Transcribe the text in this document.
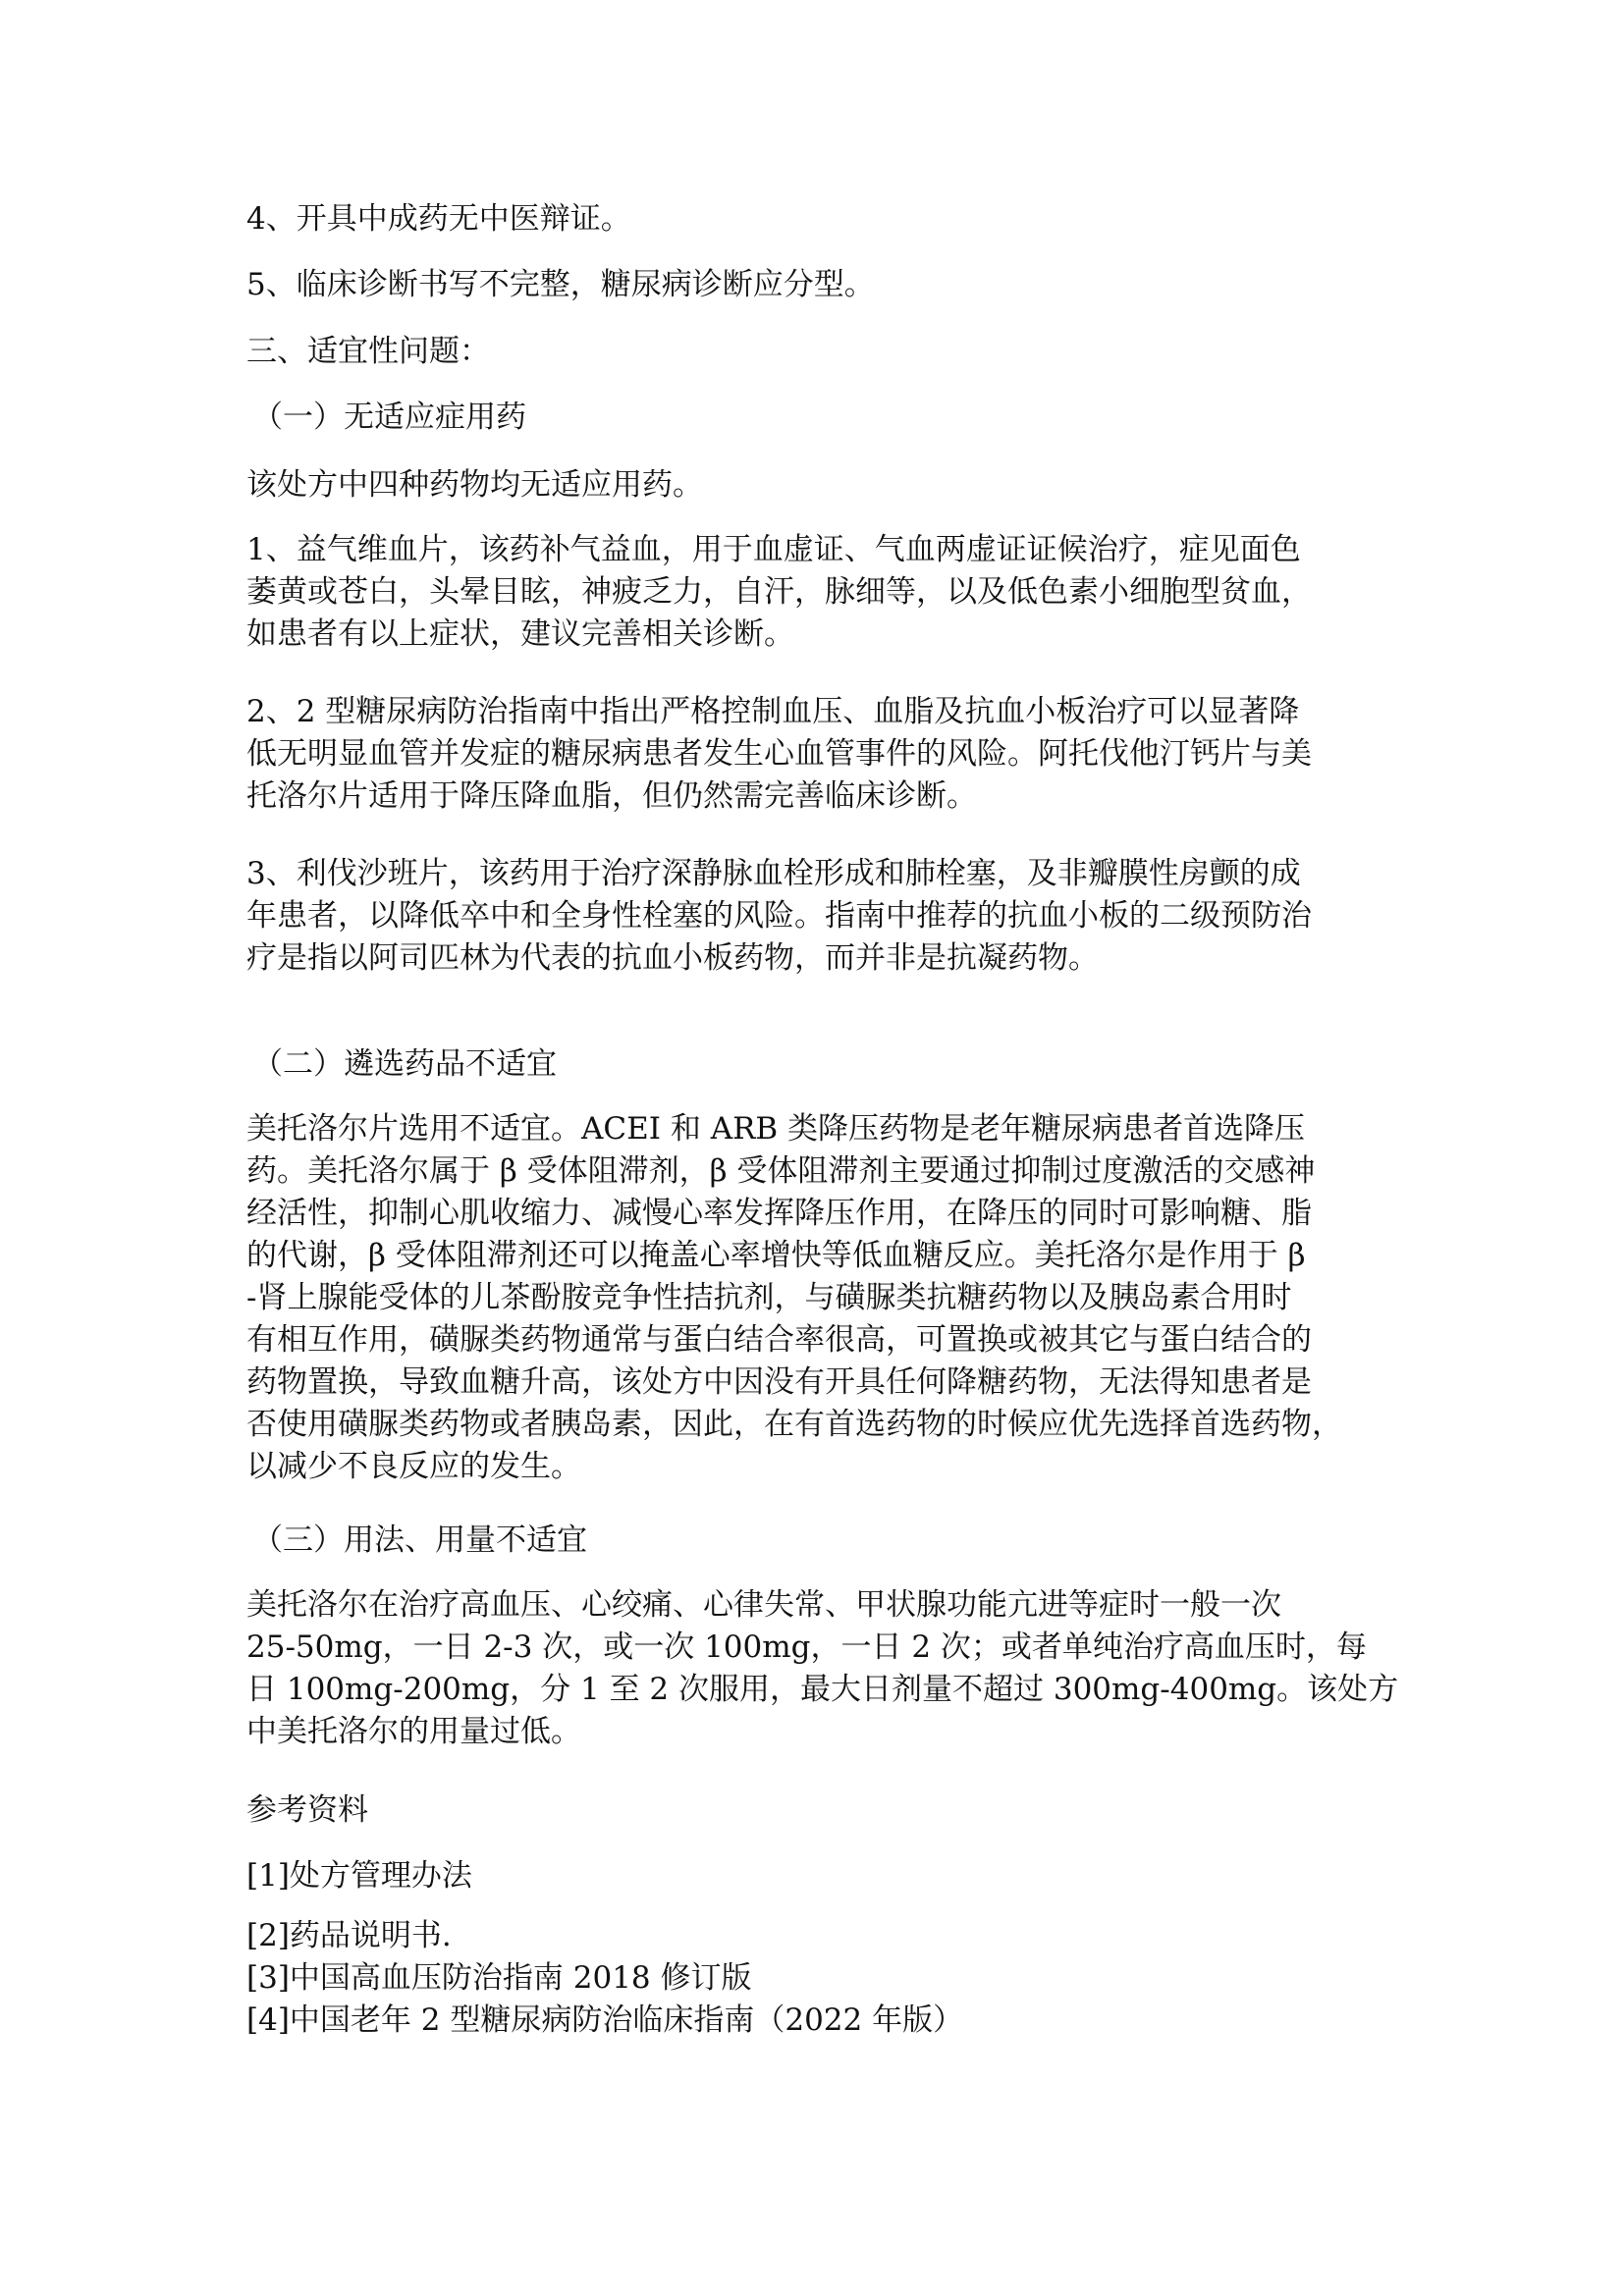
4、开具中成药无中医辩证。

5、临床诊断书写不完整，糖尿病诊断应分型。

三、适宜性问题：

（一）无适应症用药

该处方中四种药物均无适应用药。

1、益气维血片，该药补气益血，用于血虚证、气血两虚证证候治疗，症见面色
萎黄或苍白，头晕目眩，神疲乏力，自汗，脉细等，以及低色素小细胞型贫血，
如患者有以上症状，建议完善相关诊断。
2、2 型糖尿病防治指南中指出严格控制血压、血脂及抗血小板治疗可以显著降
低无明显血管并发症的糖尿病患者发生心血管事件的风险。阿托伐他汀钙片与美
托洛尔片适用于降压降血脂，但仍然需完善临床诊断。
3、利伐沙班片，该药用于治疗深静脉血栓形成和肺栓塞，及非瓣膜性房颤的成
年患者，以降低卒中和全身性栓塞的风险。指南中推荐的抗血小板的二级预防治
疗是指以阿司匹林为代表的抗血小板药物，而并非是抗凝药物。

（二）遴选药品不适宜

美托洛尔片选用不适宜。ACEI 和 ARB 类降压药物是老年糖尿病患者首选降压
药。美托洛尔属于 β 受体阻滞剂，β 受体阻滞剂主要通过抑制过度激活的交感神
经活性，抑制心肌收缩力、减慢心率发挥降压作用，在降压的同时可影响糖、脂
的代谢，β 受体阻滞剂还可以掩盖心率增快等低血糖反应。美托洛尔是作用于 β
-肾上腺能受体的儿茶酚胺竞争性拮抗剂，与磺脲类抗糖药物以及胰岛素合用时
有相互作用，磺脲类药物通常与蛋白结合率很高，可置换或被其它与蛋白结合的
药物置换，导致血糖升高，该处方中因没有开具任何降糖药物，无法得知患者是
否使用磺脲类药物或者胰岛素，因此，在有首选药物的时候应优先选择首选药物，
以减少不良反应的发生。

（三）用法、用量不适宜

美托洛尔在治疗高血压、心绞痛、心律失常、甲状腺功能亢进等症时一般一次
25-50mg，一日 2-3 次，或一次 100mg，一日 2 次；或者单纯治疗高血压时，每
日 100mg-200mg，分 1 至 2 次服用，最大日剂量不超过 300mg-400mg。该处方
中美托洛尔的用量过低。

参考资料

[1]处方管理办法
[2]药品说明书.
[3]中国高血压防治指南 2018 修订版
[4]中国老年 2 型糖尿病防治临床指南（2022 年版）
